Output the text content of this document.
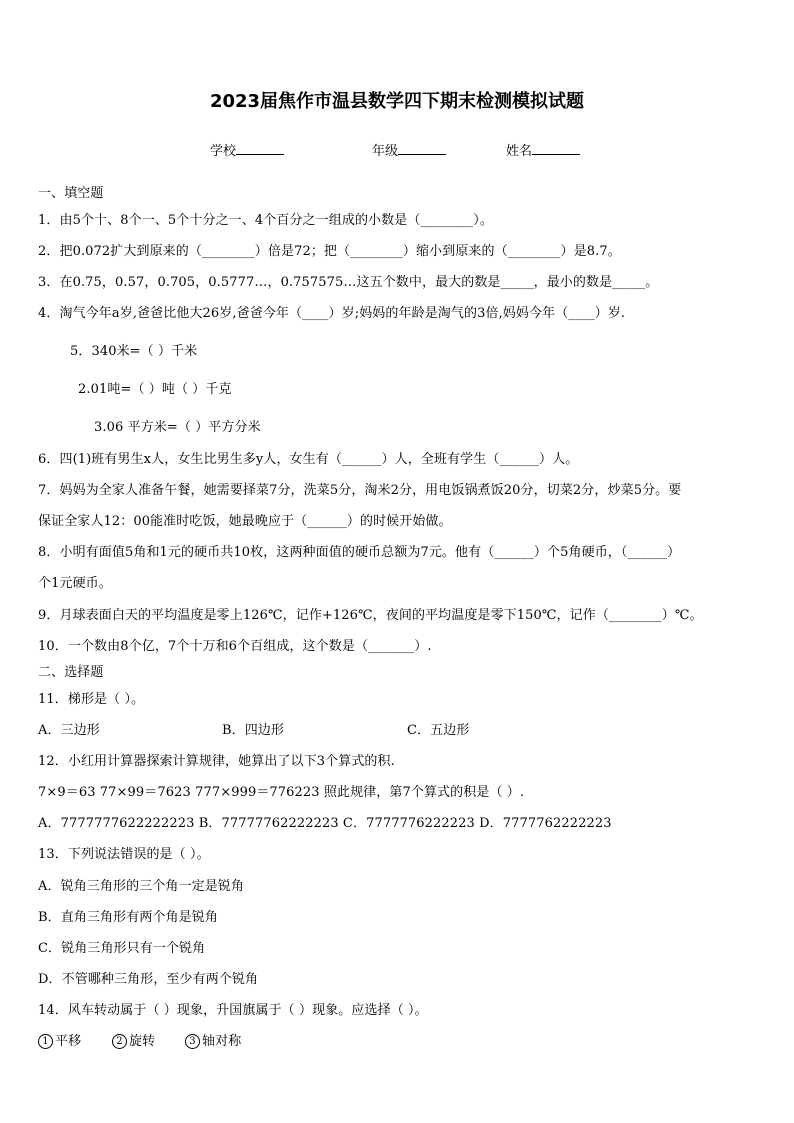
2023届焦作市温县数学四下期末检测模拟试题
学校	年级	姓名
一、填空题
1．由5个十、8个一、5个十分之一、4个百分之一组成的小数是（________）。
2．把0.072扩大到原来的（________）倍是72；把（________）缩小到原来的（________）是8.7。
3．在0.75，0.57，0.705，0.5777…，0.757575…这五个数中，最大的数是_____，最小的数是_____。
4．淘气今年a岁,爸爸比他大26岁,爸爸今年（____）岁;妈妈的年龄是淘气的3倍,妈妈今年（____）岁.
5．340米=（ ）千米
2.01吨=（ ）吨（ ）千克
3.06 平方米=（ ）平方分米
6．四(1)班有男生x人，女生比男生多y人，女生有（______）人，全班有学生（______）人。
7．妈妈为全家人准备午餐，她需要择菜7分，洗菜5分，淘米2分，用电饭锅煮饭20分，切菜2分，炒菜5分。要
保证全家人12：00能准时吃饭，她最晚应于（______）的时候开始做。
8．小明有面值5角和1元的硬币共10枚，这两种面值的硬币总额为7元。他有（______）个5角硬币，（______）
个1元硬币。
9．月球表面白天的平均温度是零上126℃，记作+126℃，夜间的平均温度是零下150℃，记作（________）℃。
10．一个数由8个亿，7个十万和6个百组成，这个数是（_______）.
二、选择题
11．梯形是（ ）。
A．三边形	B．四边形	C．五边形
12．小红用计算器探索计算规律，她算出了以下3个算式的积.
7×9＝63 77×99＝7623 777×999＝776223 照此规律，第7个算式的积是（ ）.
A．7777777622222223 B．77777762222223 C．7777776222223 D．7777762222223
13．下列说法错误的是（ ）。
A．锐角三角形的三个角一定是锐角
B．直角三角形有两个角是锐角
C．锐角三角形只有一个锐角
D．不管哪种三角形，至少有两个锐角
14．风车转动属于（ ）现象，升国旗属于（ ）现象。应选择（ ）。
1 平移	2 旋转	3 轴对称
